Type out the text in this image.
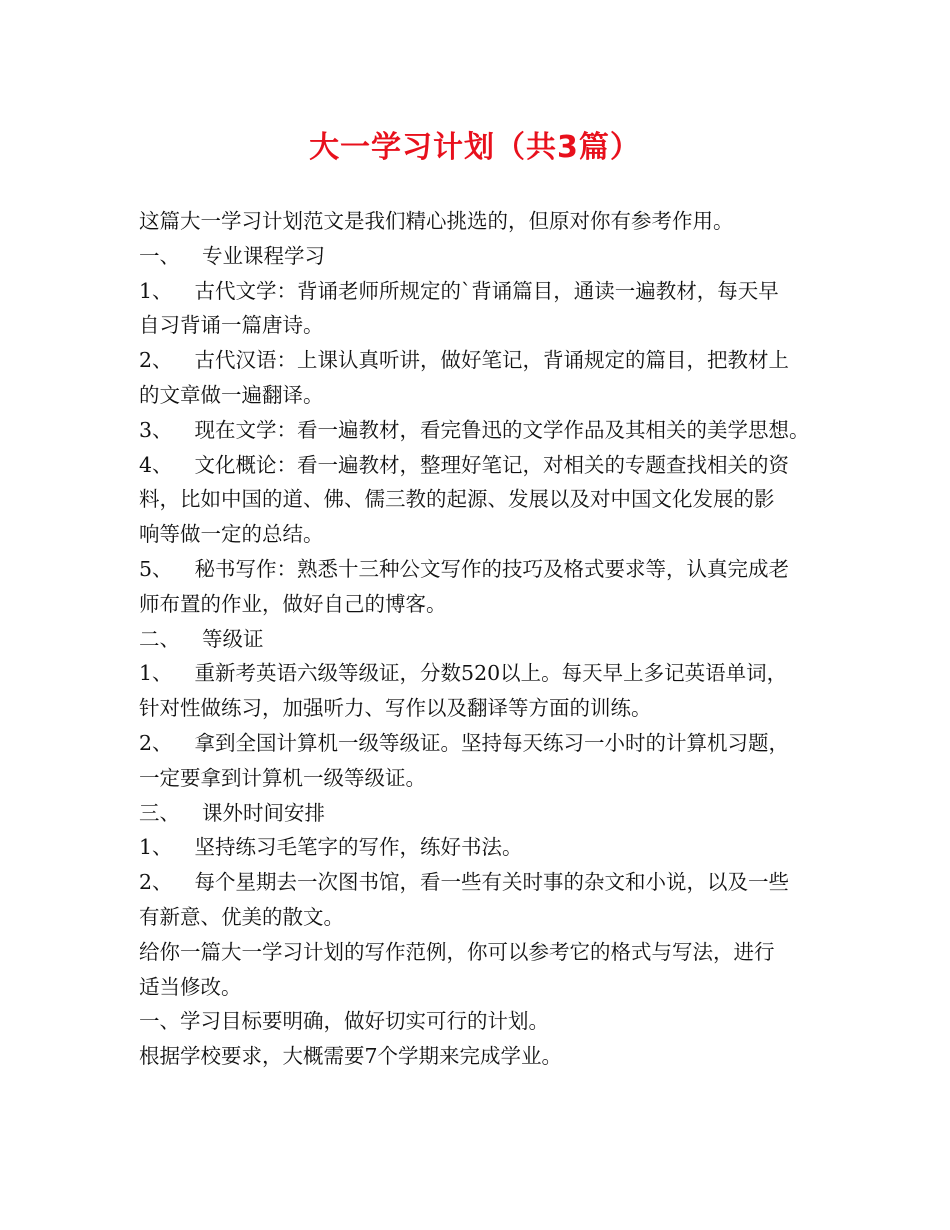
大一学习计划（共3篇）
这篇大一学习计划范文是我们精心挑选的，但原对你有参考作用。
一、 专业课程学习
1、 古代文学：背诵老师所规定的`背诵篇目，通读一遍教材，每天早
自习背诵一篇唐诗。
2、 古代汉语：上课认真听讲，做好笔记，背诵规定的篇目，把教材上
的文章做一遍翻译。
3、 现在文学：看一遍教材，看完鲁迅的文学作品及其相关的美学思想。
4、 文化概论：看一遍教材，整理好笔记，对相关的专题查找相关的资
料，比如中国的道、佛、儒三教的起源、发展以及对中国文化发展的影
响等做一定的总结。
5、 秘书写作：熟悉十三种公文写作的技巧及格式要求等，认真完成老
师布置的作业，做好自己的博客。
二、 等级证
1、 重新考英语六级等级证，分数520以上。每天早上多记英语单词，
针对性做练习，加强听力、写作以及翻译等方面的训练。
2、 拿到全国计算机一级等级证。坚持每天练习一小时的计算机习题，
一定要拿到计算机一级等级证。
三、 课外时间安排
1、 坚持练习毛笔字的写作，练好书法。
2、 每个星期去一次图书馆，看一些有关时事的杂文和小说，以及一些
有新意、优美的散文。
给你一篇大一学习计划的写作范例，你可以参考它的格式与写法，进行
适当修改。
一、学习目标要明确，做好切实可行的计划。
根据学校要求，大概需要7个学期来完成学业。
